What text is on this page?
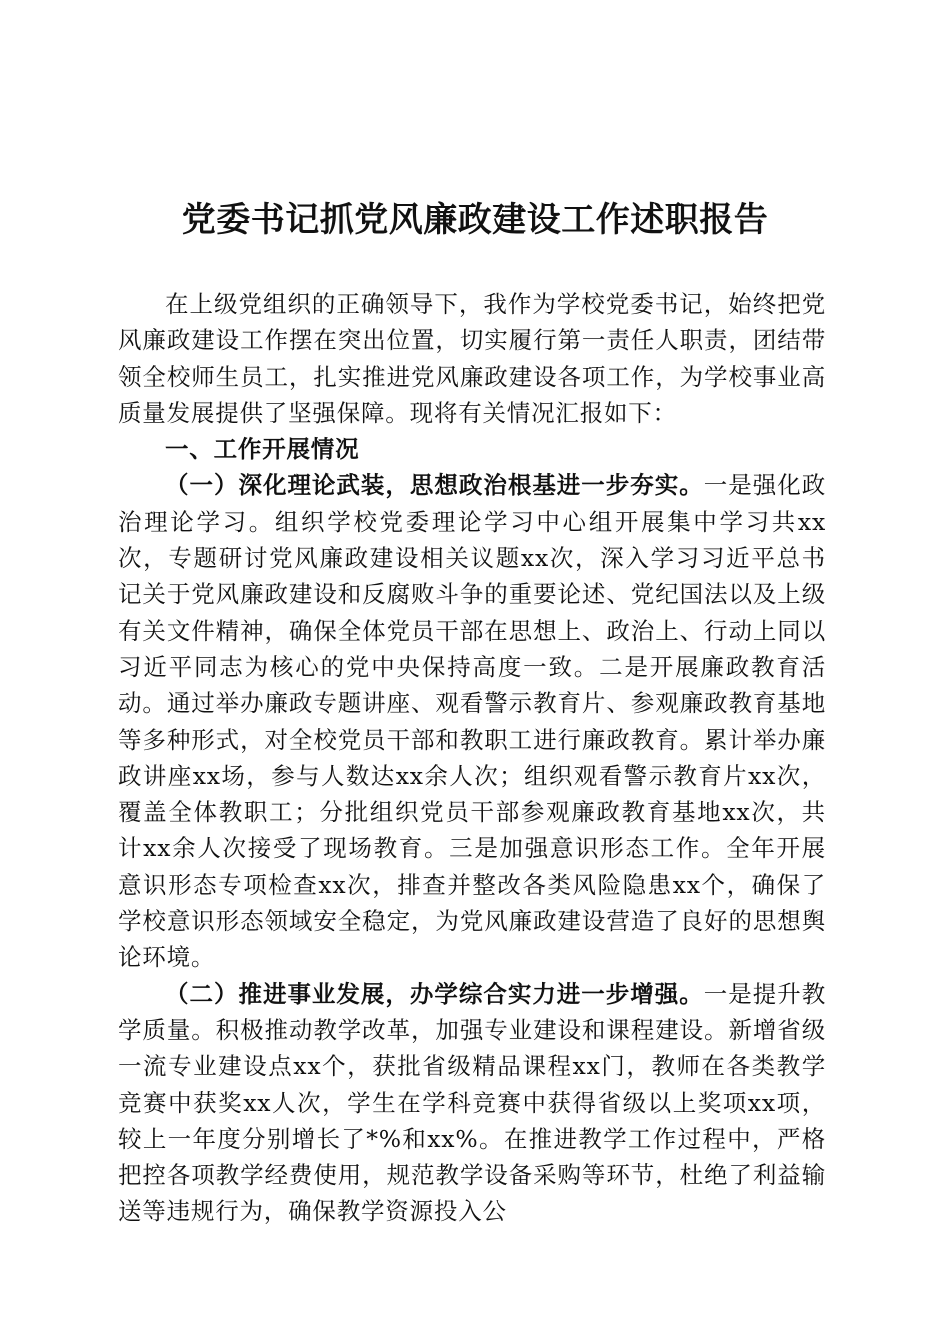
党委书记抓党风廉政建设工作述职报告

在上级党组织的正确领导下，我作为学校党委书记，始终把党风廉政建设工作摆在突出位置，切实履行第一责任人职责，团结带领全校师生员工，扎实推进党风廉政建设各项工作，为学校事业高质量发展提供了坚强保障。现将有关情况汇报如下：

一、工作开展情况

（一）深化理论武装，思想政治根基进一步夯实。一是强化政治理论学习。组织学校党委理论学习中心组开展集中学习共xx次，专题研讨党风廉政建设相关议题xx次，深入学习习近平总书记关于党风廉政建设和反腐败斗争的重要论述、党纪国法以及上级有关文件精神，确保全体党员干部在思想上、政治上、行动上同以习近平同志为核心的党中央保持高度一致。二是开展廉政教育活动。通过举办廉政专题讲座、观看警示教育片、参观廉政教育基地等多种形式，对全校党员干部和教职工进行廉政教育。累计举办廉政讲座xx场，参与人数达xx余人次；组织观看警示教育片xx次，覆盖全体教职工；分批组织党员干部参观廉政教育基地xx次，共计xx余人次接受了现场教育。三是加强意识形态工作。全年开展意识形态专项检查xx次，排查并整改各类风险隐患xx个，确保了学校意识形态领域安全稳定，为党风廉政建设营造了良好的思想舆论环境。

（二）推进事业发展，办学综合实力进一步增强。一是提升教学质量。积极推动教学改革，加强专业建设和课程建设。新增省级一流专业建设点xx个，获批省级精品课程xx门，教师在各类教学竞赛中获奖xx人次，学生在学科竞赛中获得省级以上奖项xx项，较上一年度分别增长了*%和xx%。在推进教学工作过程中，严格把控各项教学经费使用，规范教学设备采购等环节，杜绝了利益输送等违规行为，确保教学资源投入公
